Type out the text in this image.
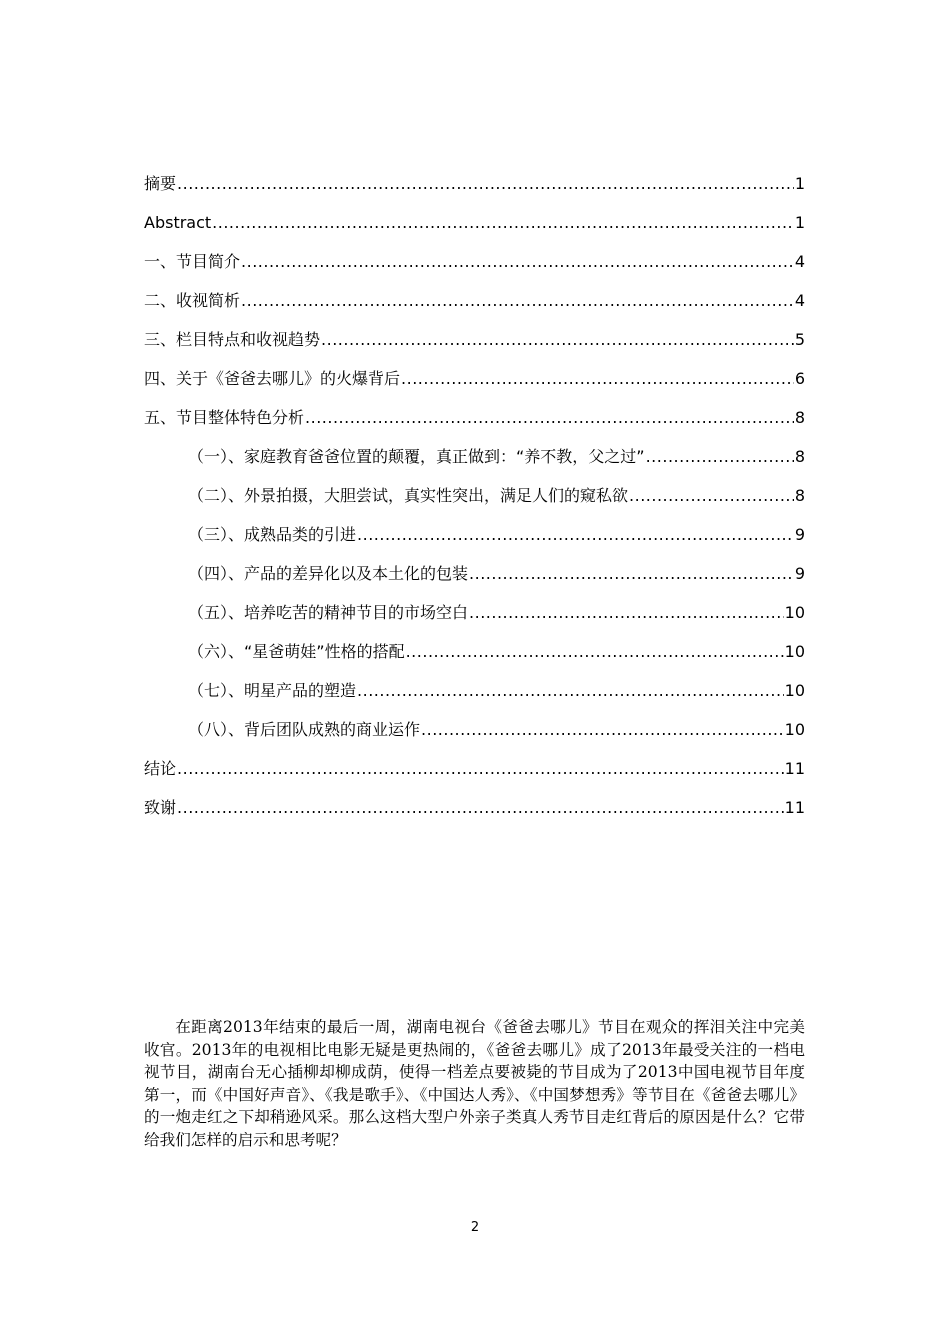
摘要 .....	1
Abstract .....	1
一、节目简介 .....	4
二、收视简析 .....	4
三、栏目特点和收视趋势 .....	5
四、关于《爸爸去哪儿》的火爆背后 .....	6
五、节目整体特色分析 .....	8
（一）、家庭教育爸爸位置的颠覆，真正做到：“养不教，父之过” .....	8
（二）、外景拍摄，大胆尝试，真实性突出，满足人们的窥私欲 .....	8
（三）、成熟品类的引进 .....	9
（四）、产品的差异化以及本土化的包装 .....	9
（五）、培养吃苦的精神节目的市场空白 .....	10
（六）、“星爸萌娃”性格的搭配 .....	10
（七）、明星产品的塑造 .....	10
（八）、背后团队成熟的商业运作 .....	10
结论 .....	11
致谢 .....	11

在距离2013年结束的最后一周，湖南电视台《爸爸去哪儿》节目在观众的挥泪关注中完美收官。2013年的电视相比电影无疑是更热闹的，《爸爸去哪儿》成了2013年最受关注的一档电视节目，湖南台无心插柳却柳成荫，使得一档差点要被毙的节目成为了2013中国电视节目年度第一，而《中国好声音》、《我是歌手》、《中国达人秀》、《中国梦想秀》等节目在《爸爸去哪儿》的一炮走红之下却稍逊风采。那么这档大型户外亲子类真人秀节目走红背后的原因是什么？它带给我们怎样的启示和思考呢？

2
